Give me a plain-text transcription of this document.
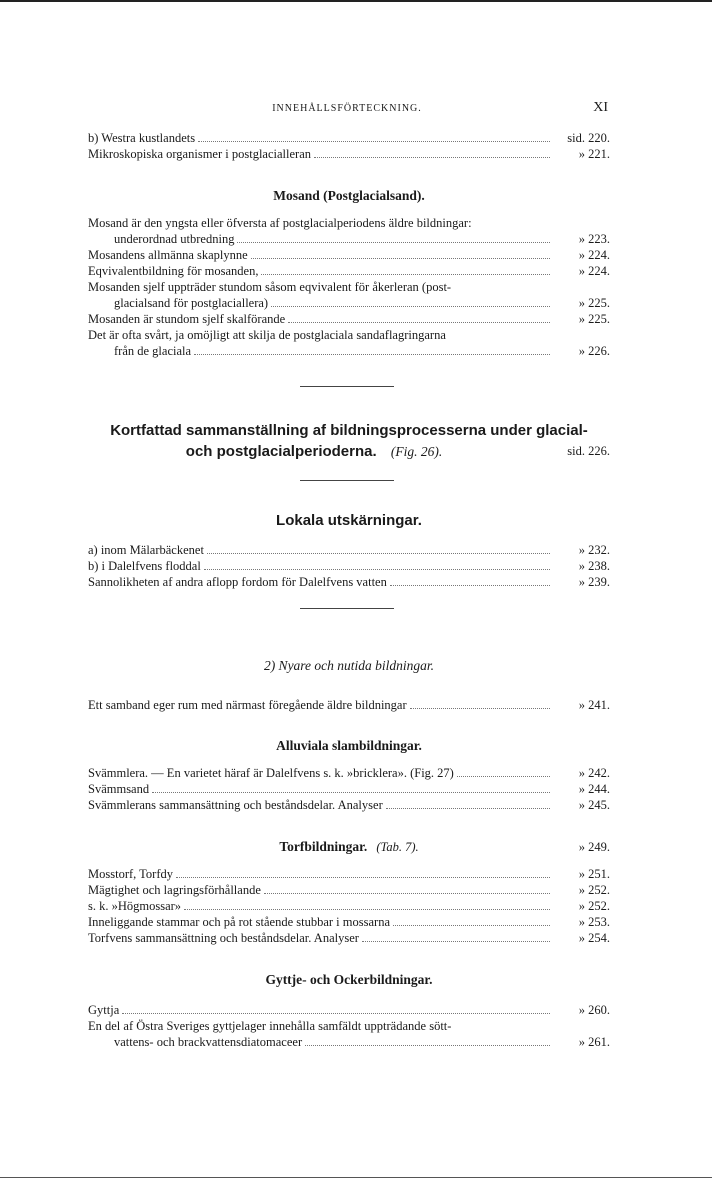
INNEHÅLLSFÖRTECKNING.	XI
b) Westra kustlandets	sid. 220.
Mikroskopiska organismer i postglacialleran	» 221.
Mosand (Postglacialsand).
Mosand är den yngsta eller öfversta af postglacialperiodens äldre bildningar:
underordnad utbredning	» 223.
Mosandens allmänna skaplynne	» 224.
Eqvivalentbildning för mosanden,	» 224.
Mosanden sjelf uppträder stundom såsom eqvivalent för åkerleran (post-
glacialsand för postglaciallera)	» 225.
Mosanden är stundom sjelf skalförande	» 225.
Det är ofta svårt, ja omöjligt att skilja de postglaciala sandaflagringarna
från de glaciala	» 226.
Kortfattad sammanställning af bildningsprocesserna under glacial-
och postglacialperioderna. (Fig. 26).	sid. 226.
Lokala utskärningar.
a) inom Mälarbäckenet	» 232.
b) i Dalelfvens floddal	» 238.
Sannolikheten af andra aflopp fordom för Dalelfvens vatten	» 239.
2) Nyare och nutida bildningar.
Ett samband eger rum med närmast föregående äldre bildningar	» 241.
Alluviala slambildningar.
Svämmlera. — En varietet häraf är Dalelfvens s. k. »bricklera». (Fig. 27)	» 242.
Svämmsand	» 244.
Svämmlerans sammansättning och beståndsdelar. Analyser	» 245.
Torfbildningar. (Tab. 7).	» 249.
Mosstorf, Torfdy	» 251.
Mägtighet och lagringsförhållande	» 252.
s. k. »Högmossar»	» 252.
Inneliggande stammar och på rot stående stubbar i mossarna	» 253.
Torfvens sammansättning och beståndsdelar. Analyser	» 254.
Gyttje- och Ockerbildningar.
Gyttja	» 260.
En del af Östra Sveriges gyttjelager innehålla samfäldt uppträdande sött-
vattens- och brackvattensdiatomaceer	» 261.
